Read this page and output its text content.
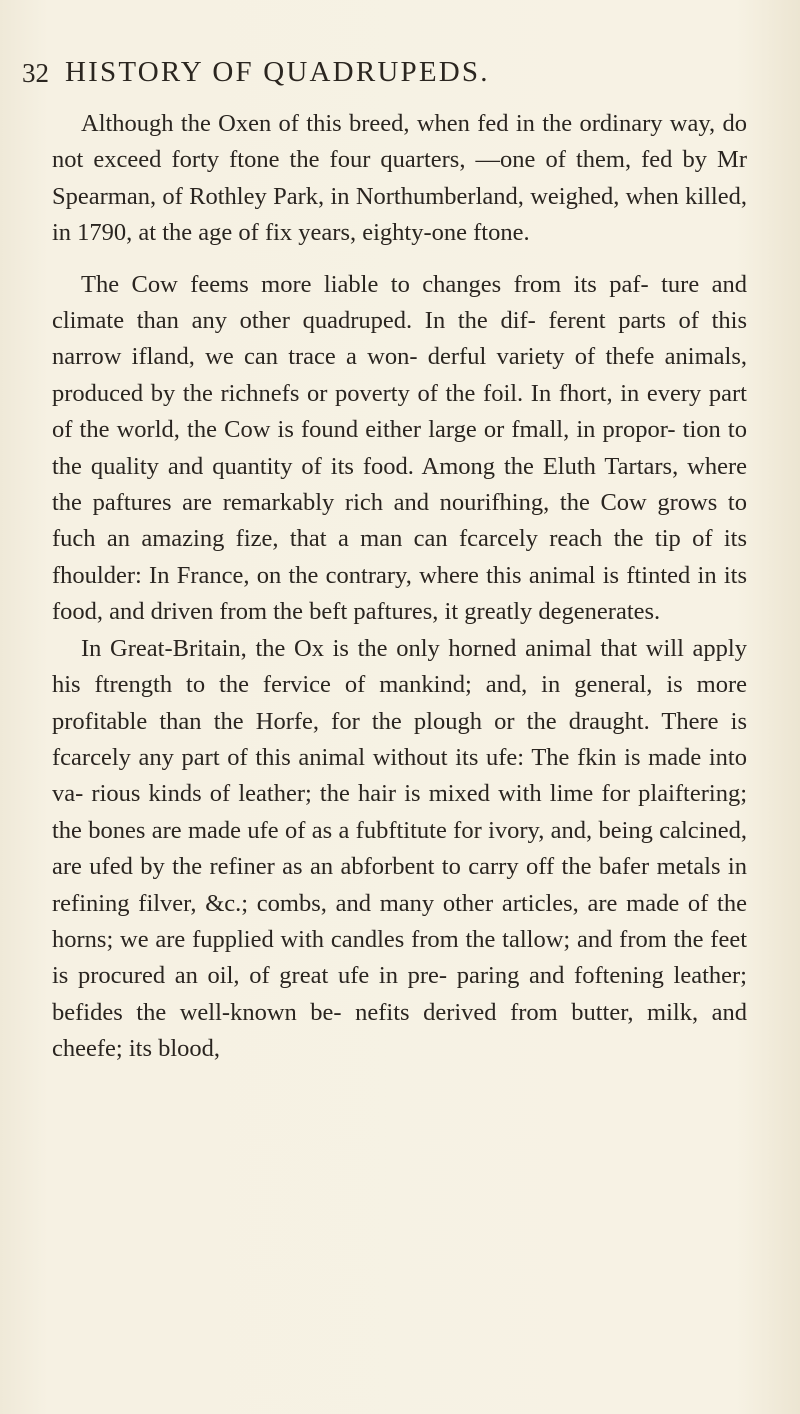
32 HISTORY OF QUADRUPEDS.

Although the Oxen of this breed, when fed in the ordinary way, do not exceed forty ftone the four quarters, —one of them, fed by Mr Spearman, of Rothley Park, in Northumberland, weighed, when killed, in 1790, at the age of fix years, eighty-one ftone.

The Cow feems more liable to changes from its paf- ture and climate than any other quadruped. In the dif- ferent parts of this narrow ifland, we can trace a won- derful variety of thefe animals, produced by the richnefs or poverty of the foil. In fhort, in every part of the world, the Cow is found either large or fmall, in propor- tion to the quality and quantity of its food. Among the Eluth Tartars, where the paftures are remarkably rich and nourifhing, the Cow grows to fuch an amazing fize, that a man can fcarcely reach the tip of its fhoulder: In France, on the contrary, where this animal is ftinted in its food, and driven from the beft paftures, it greatly degenerates.

In Great-Britain, the Ox is the only horned animal that will apply his ftrength to the fervice of mankind; and, in general, is more profitable than the Horfe, for the plough or the draught. There is fcarcely any part of this animal without its ufe: The fkin is made into va- rious kinds of leather; the hair is mixed with lime for plaiftering; the bones are made ufe of as a fubftitute for ivory, and, being calcined, are ufed by the refiner as an abforbent to carry off the bafer metals in refining filver, &c.; combs, and many other articles, are made of the horns; we are fupplied with candles from the tallow; and from the feet is procured an oil, of great ufe in pre- paring and foftening leather; befides the well-known be- nefits derived from butter, milk, and cheefe; its blood,
